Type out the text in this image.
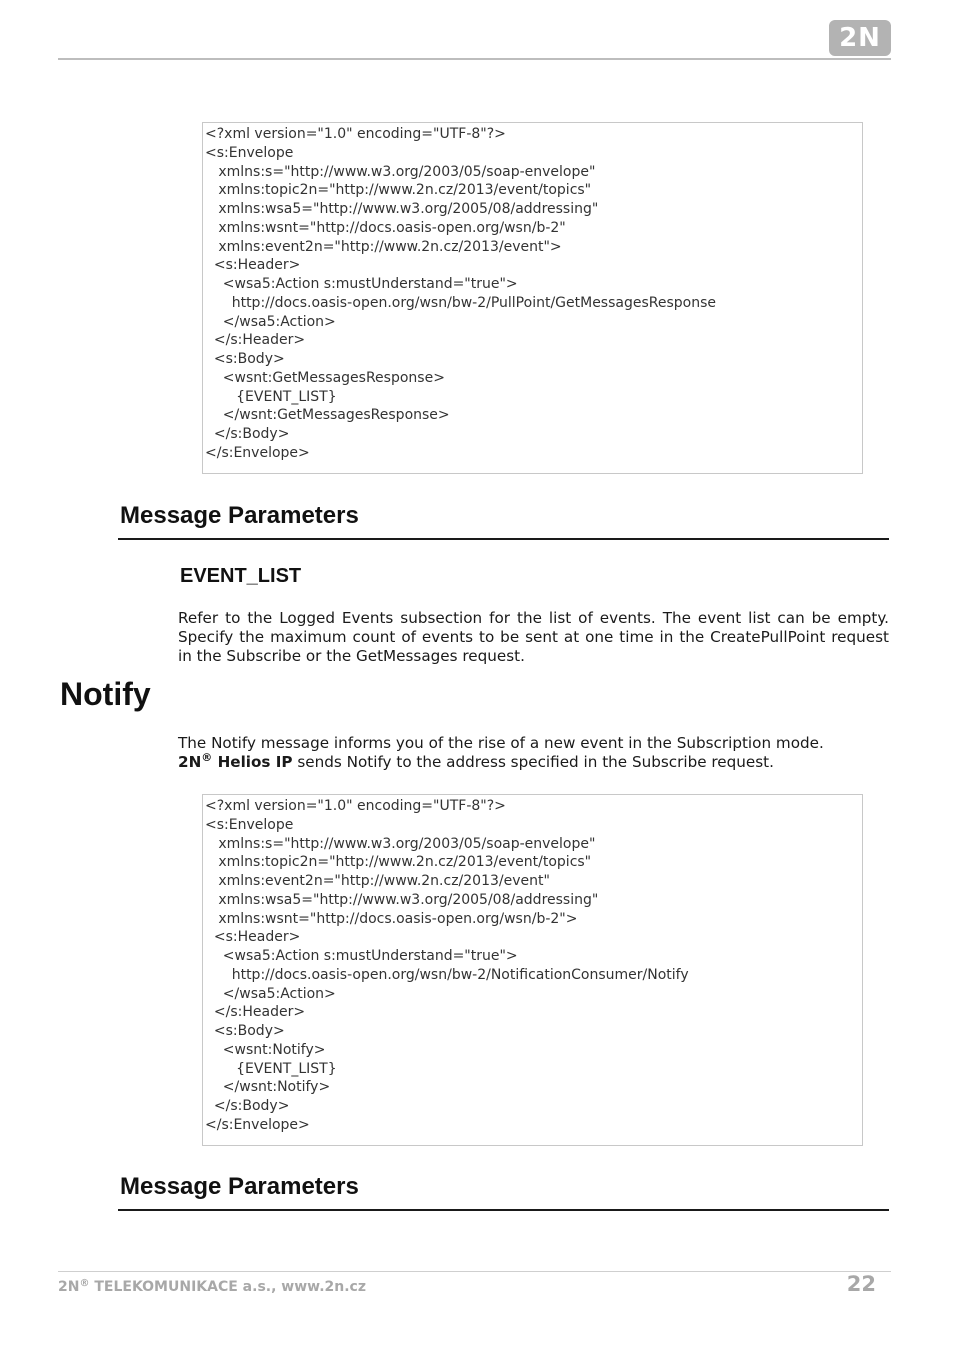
2N
<?xml version="1.0" encoding="UTF-8"?>
<s:Envelope
xmlns:s="http://www.w3.org/2003/05/soap-envelope"
xmlns:topic2n="http://www.2n.cz/2013/event/topics"
xmlns:wsa5="http://www.w3.org/2005/08/addressing"
xmlns:wsnt="http://docs.oasis-open.org/wsn/b-2"
xmlns:event2n="http://www.2n.cz/2013/event">
<s:Header>
<wsa5:Action s:mustUnderstand="true">
http://docs.oasis-open.org/wsn/bw-2/PullPoint/GetMessagesResponse
</wsa5:Action>
</s:Header>
<s:Body>
<wsnt:GetMessagesResponse>
{EVENT_LIST}
</wsnt:GetMessagesResponse>
</s:Body>
</s:Envelope>
Message Parameters
EVENT_LIST

Refer to the Logged Events subsection for the list of events. The event list can be empty. Specify the maximum count of events to be sent at one time in the CreatePullPoint request in the Subscribe or the GetMessages request.

Notify

The Notify message informs you of the rise of a new event in the Subscription mode.
2N® Helios IP sends Notify to the address specified in the Subscribe request.

<?xml version="1.0" encoding="UTF-8"?>
<s:Envelope
xmlns:s="http://www.w3.org/2003/05/soap-envelope"
xmlns:topic2n="http://www.2n.cz/2013/event/topics"
xmlns:event2n="http://www.2n.cz/2013/event"
xmlns:wsa5="http://www.w3.org/2005/08/addressing"
xmlns:wsnt="http://docs.oasis-open.org/wsn/b-2">
<s:Header>
<wsa5:Action s:mustUnderstand="true">
http://docs.oasis-open.org/wsn/bw-2/NotificationConsumer/Notify
</wsa5:Action>
</s:Header>
<s:Body>
<wsnt:Notify>
{EVENT_LIST}
</wsnt:Notify>
</s:Body>
</s:Envelope>
Message Parameters
2N® TELEKOMUNIKACE a.s., www.2n.cz	22
